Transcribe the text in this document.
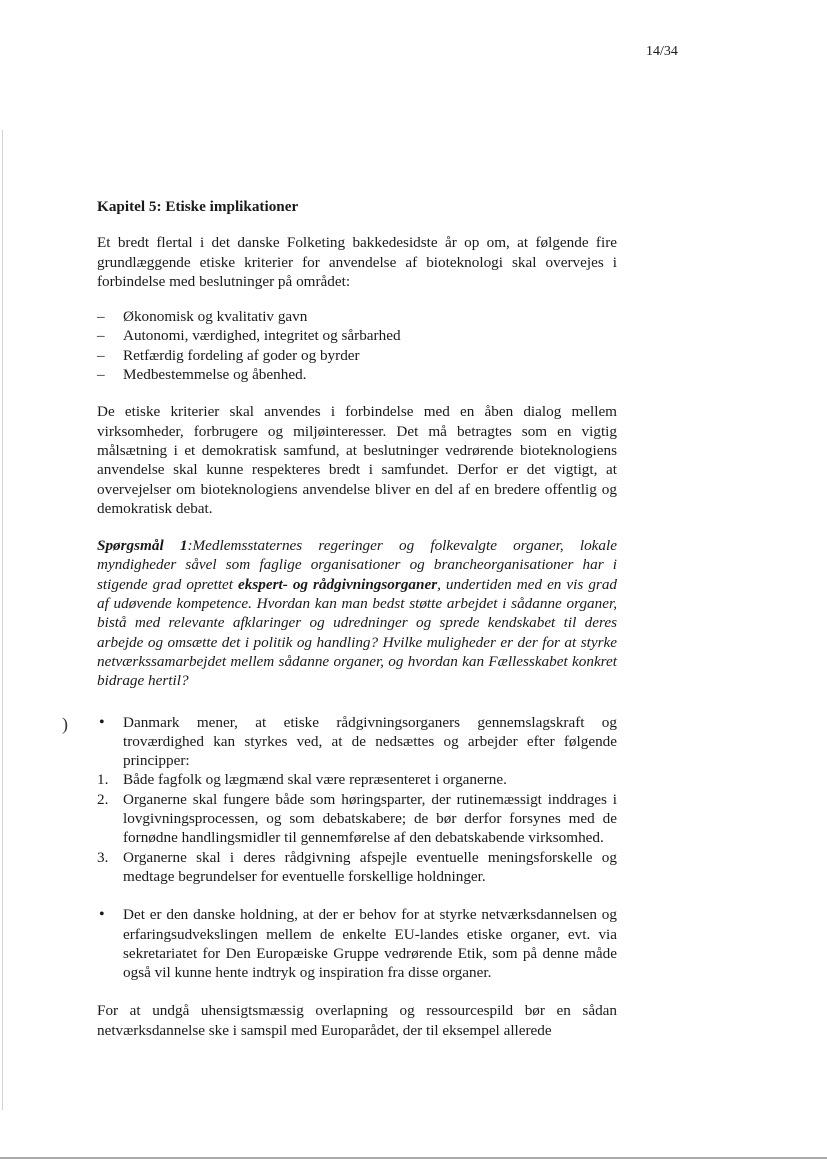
14/34
)
Kapitel 5: Etiske implikationer

Et bredt flertal i det danske Folketing bakkedesidste år op om, at følgende fire grundlæggende etiske kriterier for anvendelse af bioteknologi skal overvejes i forbindelse med beslutninger på området:

– Økonomisk og kvalitativ gavn
– Autonomi, værdighed, integritet og sårbarhed
– Retfærdig fordeling af goder og byrder
– Medbestemmelse og åbenhed.

De etiske kriterier skal anvendes i forbindelse med en åben dialog mellem virksomheder, forbrugere og miljøinteresser. Det må betragtes som en vigtig målsætning i et demokratisk samfund, at beslutninger vedrørende bioteknologiens anvendelse skal kunne respekteres bredt i samfundet. Derfor er det vigtigt, at overvejelser om bioteknologiens anvendelse bliver en del af en bredere offentlig og demokratisk debat.

Spørgsmål 1:Medlemsstaternes regeringer og folkevalgte organer, lokale myndigheder såvel som faglige organisationer og brancheorganisationer har i stigende grad oprettet ekspert- og rådgivningsorganer, undertiden med en vis grad af udøvende kompetence. Hvordan kan man bedst støtte arbejdet i sådanne organer, bistå med relevante afklaringer og udredninger og sprede kendskabet til deres arbejde og omsætte det i politik og handling? Hvilke muligheder er der for at styrke netværkssamarbejdet mellem sådanne organer, og hvordan kan Fællesskabet konkret bidrage hertil?

• Danmark mener, at etiske rådgivningsorganers gennemslagskraft og troværdighed kan styrkes ved, at de nedsættes og arbejder efter følgende principper:
1. Både fagfolk og lægmænd skal være repræsenteret i organerne.
2. Organerne skal fungere både som høringsparter, der rutinemæssigt inddrages i lovgivningsprocessen, og som debatskabere; de bør derfor forsynes med de fornødne handlingsmidler til gennemførelse af den debatskabende virksomhed.
3. Organerne skal i deres rådgivning afspejle eventuelle meningsforskelle og medtage begrundelser for eventuelle forskellige holdninger.
• Det er den danske holdning, at der er behov for at styrke netværksdannelsen og erfaringsudvekslingen mellem de enkelte EU-landes etiske organer, evt. via sekretariatet for Den Europæiske Gruppe vedrørende Etik, som på denne måde også vil kunne hente indtryk og inspiration fra disse organer.

For at undgå uhensigtsmæssig overlapning og ressourcespild bør en sådan netværksdannelse ske i samspil med Europarådet, der til eksempel allerede
